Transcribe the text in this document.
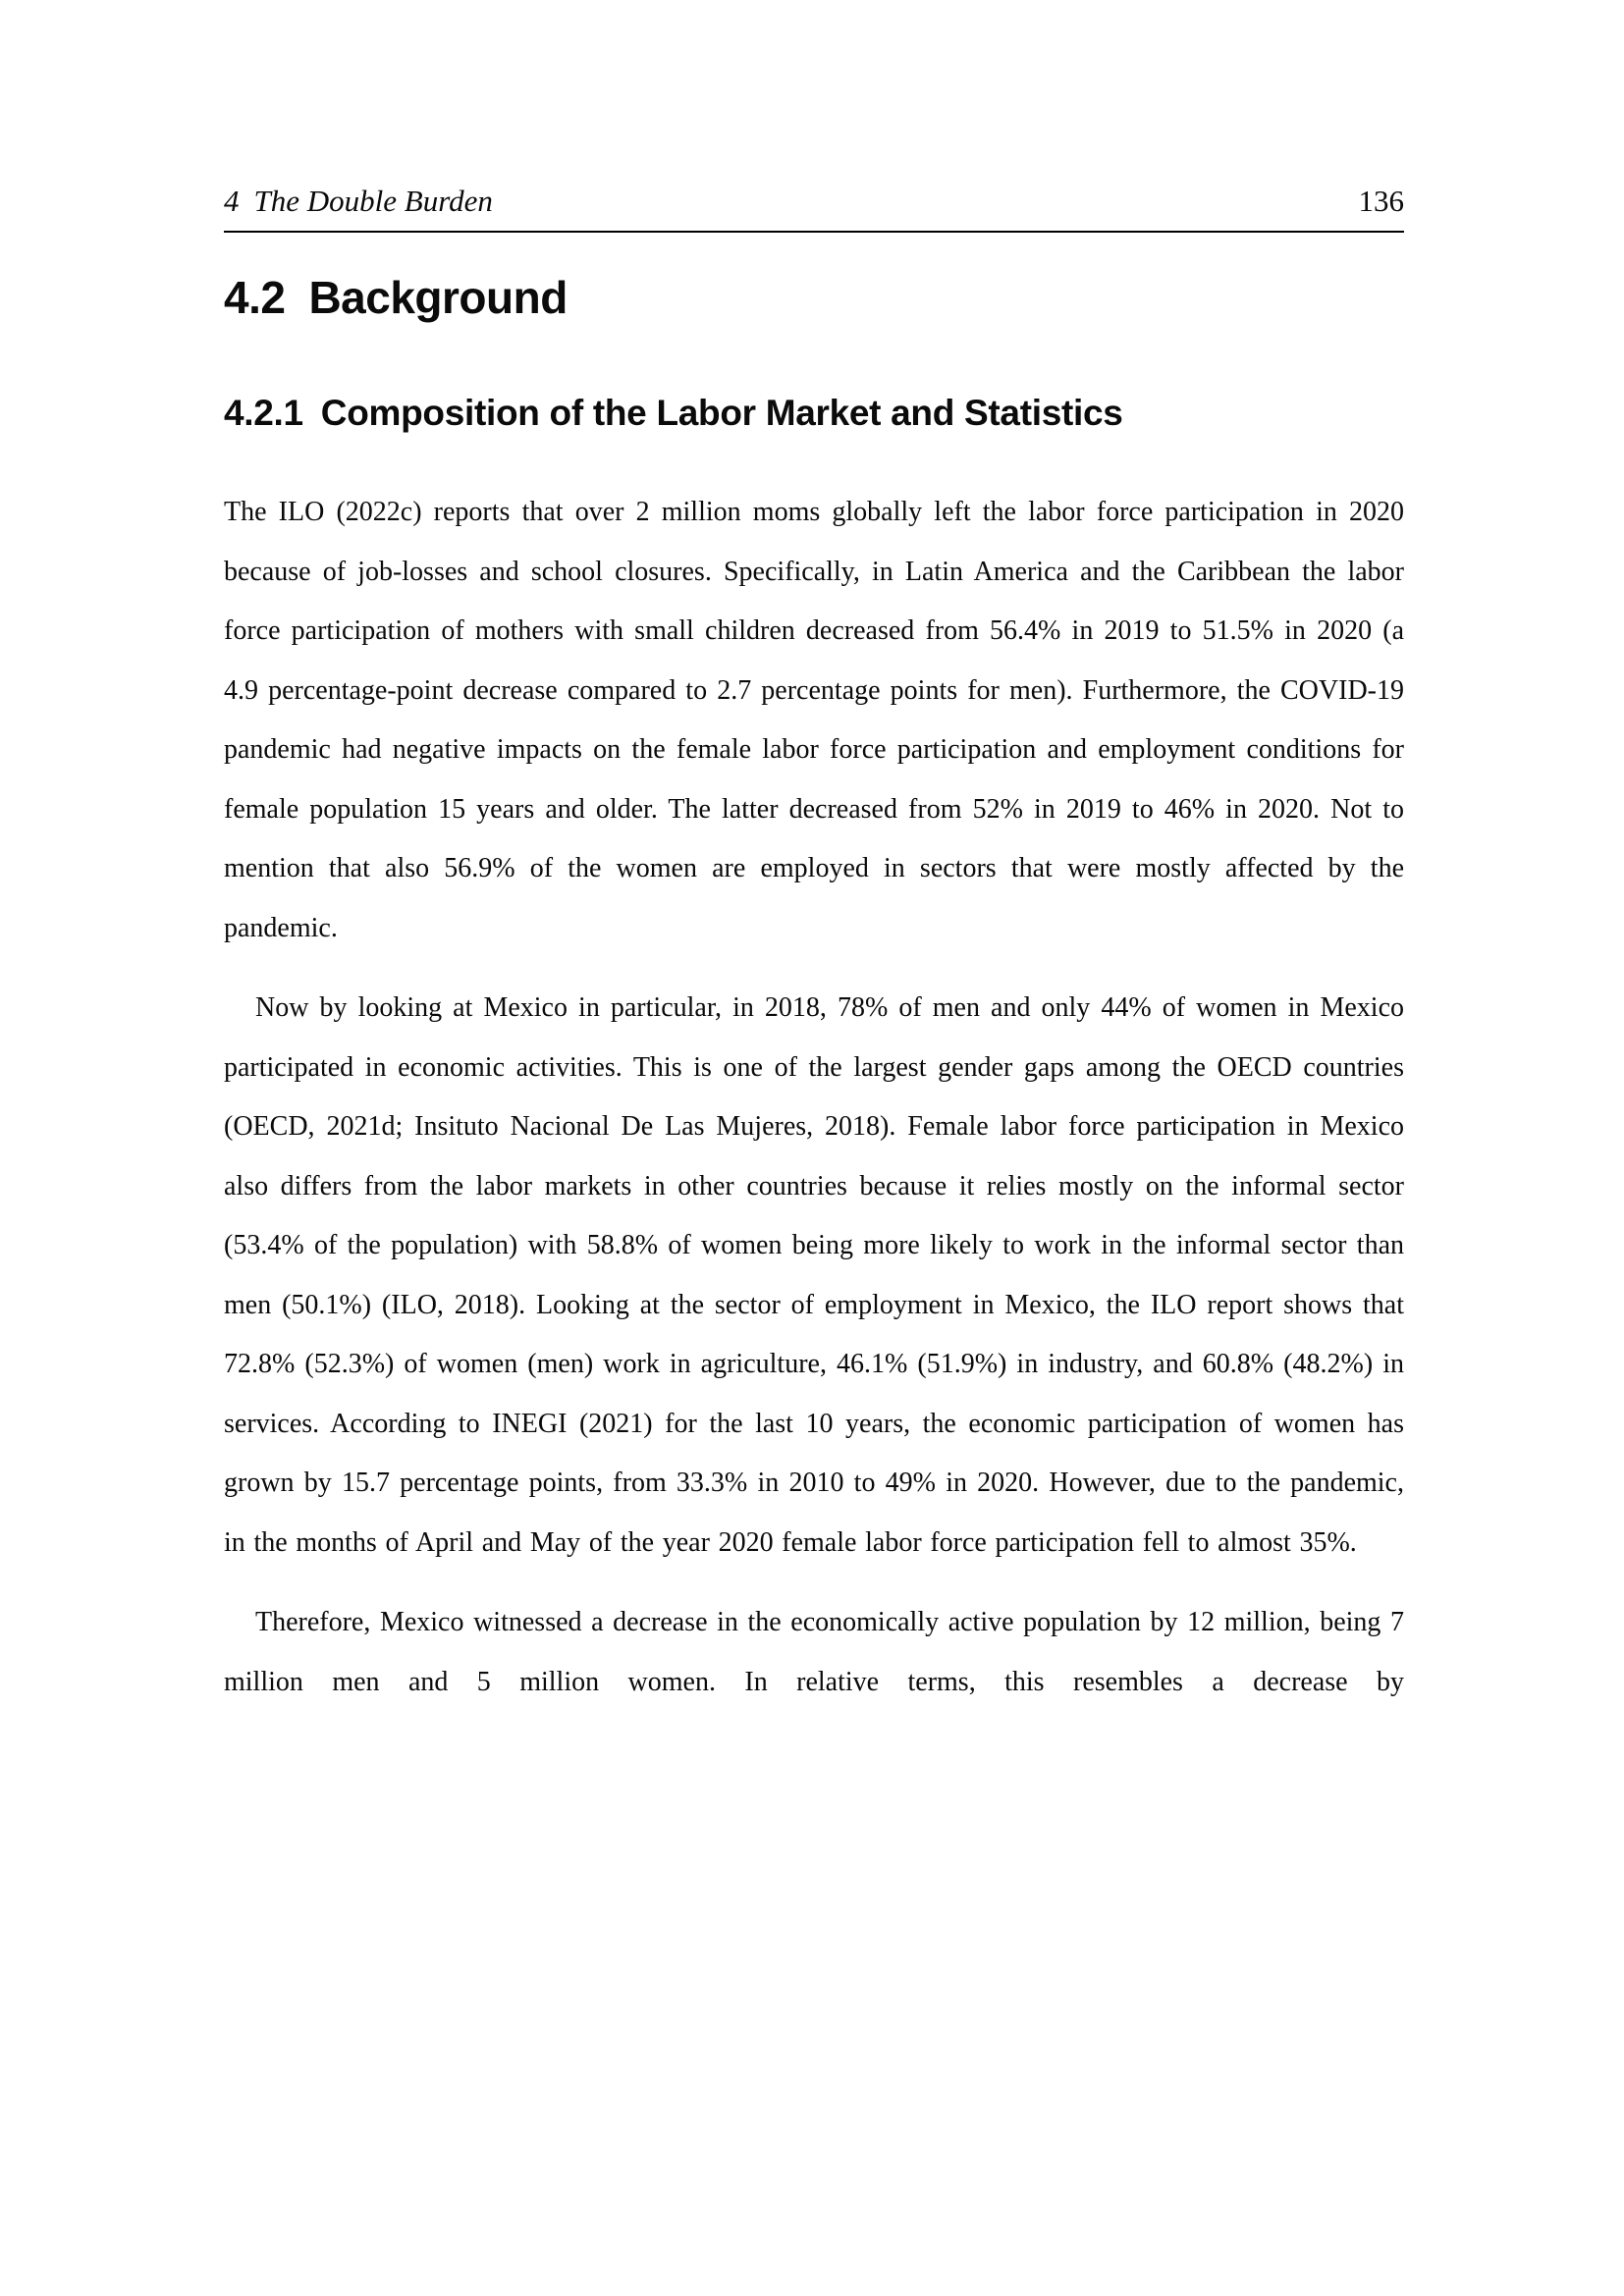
4 The Double Burden	136
4.2 Background
4.2.1 Composition of the Labor Market and Statistics

The ILO (2022c) reports that over 2 million moms globally left the labor force participation in 2020 because of job-losses and school closures. Specifically, in Latin America and the Caribbean the labor force participation of mothers with small children decreased from 56.4% in 2019 to 51.5% in 2020 (a 4.9 percentage-point decrease compared to 2.7 percentage points for men). Furthermore, the COVID-19 pandemic had negative impacts on the female labor force participation and employment conditions for female population 15 years and older. The latter decreased from 52% in 2019 to 46% in 2020. Not to mention that also 56.9% of the women are employed in sectors that were mostly affected by the pandemic.

Now by looking at Mexico in particular, in 2018, 78% of men and only 44% of women in Mexico participated in economic activities. This is one of the largest gender gaps among the OECD countries (OECD, 2021d; Insituto Nacional De Las Mujeres, 2018). Female labor force participation in Mexico also differs from the labor markets in other countries because it relies mostly on the informal sector (53.4% of the population) with 58.8% of women being more likely to work in the informal sector than men (50.1%) (ILO, 2018). Looking at the sector of employment in Mexico, the ILO report shows that 72.8% (52.3%) of women (men) work in agriculture, 46.1% (51.9%) in industry, and 60.8% (48.2%) in services. According to INEGI (2021) for the last 10 years, the economic participation of women has grown by 15.7 percentage points, from 33.3% in 2010 to 49% in 2020. However, due to the pandemic, in the months of April and May of the year 2020 female labor force participation fell to almost 35%.

Therefore, Mexico witnessed a decrease in the economically active population by 12 million, being 7 million men and 5 million women. In relative terms, this resembles a decrease by
